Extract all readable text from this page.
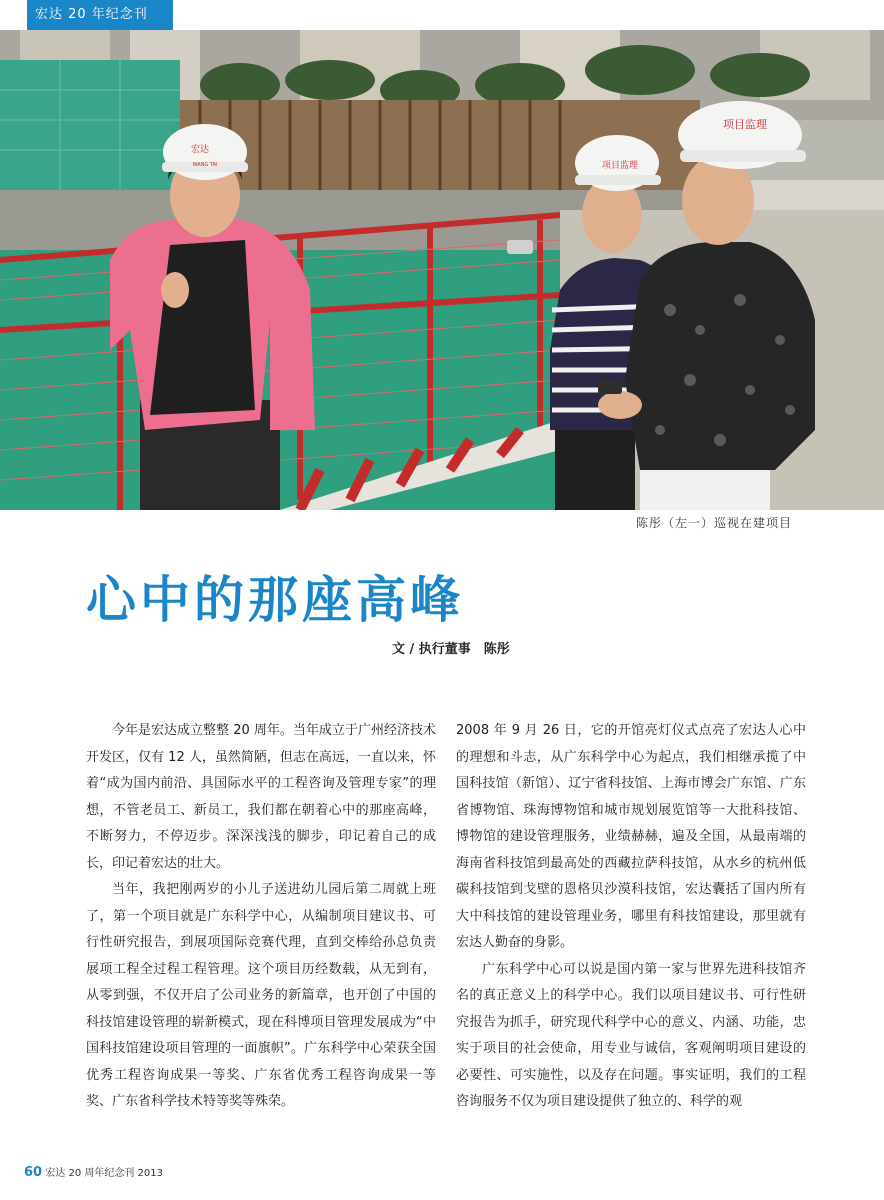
宏达 20 年纪念刊
宏达
WANG TAI	项目监理
项目监理
陈彤（左一）巡视在建项目
心中的那座高峰
文 / 执行董事　陈彤

今年是宏达成立整整 20 周年。当年成立于广州经济技术开发区，仅有 12 人，虽然简陋，但志在高远，一直以来，怀着“成为国内前沿、具国际水平的工程咨询及管理专家”的理想，不管老员工、新员工，我们都在朝着心中的那座高峰，不断努力，不停迈步。深深浅浅的脚步，印记着自己的成长，印记着宏达的壮大。

当年，我把刚两岁的小儿子送进幼儿园后第二周就上班了，第一个项目就是广东科学中心，从编制项目建议书、可行性研究报告，到展项国际竞赛代理，直到交棒给孙总负责展项工程全过程工程管理。这个项目历经数载，从无到有，从零到强，不仅开启了公司业务的新篇章，也开创了中国的科技馆建设管理的崭新模式，现在科博项目管理发展成为“中国科技馆建设项目管理的一面旗帜”。广东科学中心荣获全国优秀工程咨询成果一等奖、广东省优秀工程咨询成果一等奖、广东省科学技术特等奖等殊荣。

2008 年 9 月 26 日，它的开馆亮灯仪式点亮了宏达人心中的理想和斗志，从广东科学中心为起点，我们相继承揽了中国科技馆（新馆）、辽宁省科技馆、上海市博会广东馆、广东省博物馆、珠海博物馆和城市规划展览馆等一大批科技馆、博物馆的建设管理服务，业绩赫赫，遍及全国，从最南端的海南省科技馆到最高处的西藏拉萨科技馆，从水乡的杭州低碳科技馆到戈壁的恩格贝沙漠科技馆，宏达囊括了国内所有大中科技馆的建设管理业务，哪里有科技馆建设，那里就有宏达人勤奋的身影。

广东科学中心可以说是国内第一家与世界先进科技馆齐名的真正意义上的科学中心。我们以项目建议书、可行性研究报告为抓手，研究现代科学中心的意义、内涵、功能，忠实于项目的社会使命，用专业与诚信，客观阐明项目建设的必要性、可实施性，以及存在问题。事实证明，我们的工程咨询服务不仅为项目建设提供了独立的、科学的观

60 宏达 20 周年纪念刊 2013
